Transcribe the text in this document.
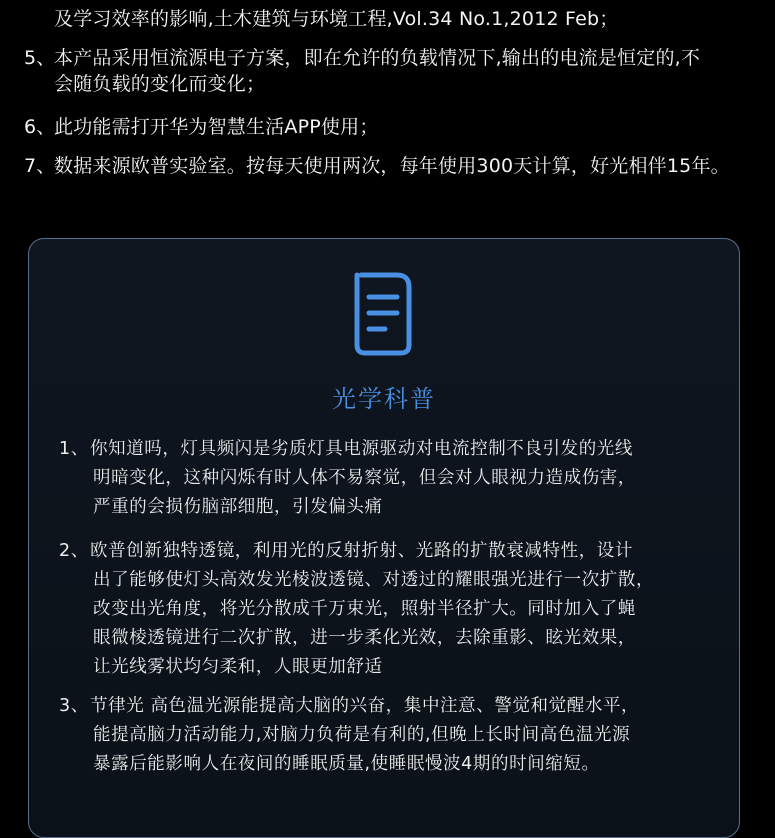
及学习效率的影响,土木建筑与环境工程,Vol.34 No.1,2012 Feb；
5、
本产品采用恒流源电子方案，即在允许的负载情况下,输出的电流是恒定的,不
会随负载的变化而变化；
6、
此功能需打开华为智慧生活APP使用；
7、
数据来源欧普实验室。按每天使用两次，每年使用300天计算，好光相伴15年。
光学科普
1、 你知道吗，灯具频闪是劣质灯具电源驱动对电流控制不良引发的光线
明暗变化，这种闪烁有时人体不易察觉，但会对人眼视力造成伤害，
严重的会损伤脑部细胞，引发偏头痛
2、 欧普创新独特透镜，利用光的反射折射、光路的扩散衰减特性，设计
出了能够使灯头高效发光棱波透镜、对透过的耀眼强光进行一次扩散，
改变出光角度，将光分散成千万束光，照射半径扩大。同时加入了蝇
眼微棱透镜进行二次扩散，进一步柔化光效，去除重影、眩光效果，
让光线雾状均匀柔和，人眼更加舒适
3、 节律光 高色温光源能提高大脑的兴奋，集中注意、警觉和觉醒水平，
能提高脑力活动能力,对脑力负荷是有利的,但晚上长时间高色温光源
暴露后能影响人在夜间的睡眠质量,使睡眠慢波4期的时间缩短。
